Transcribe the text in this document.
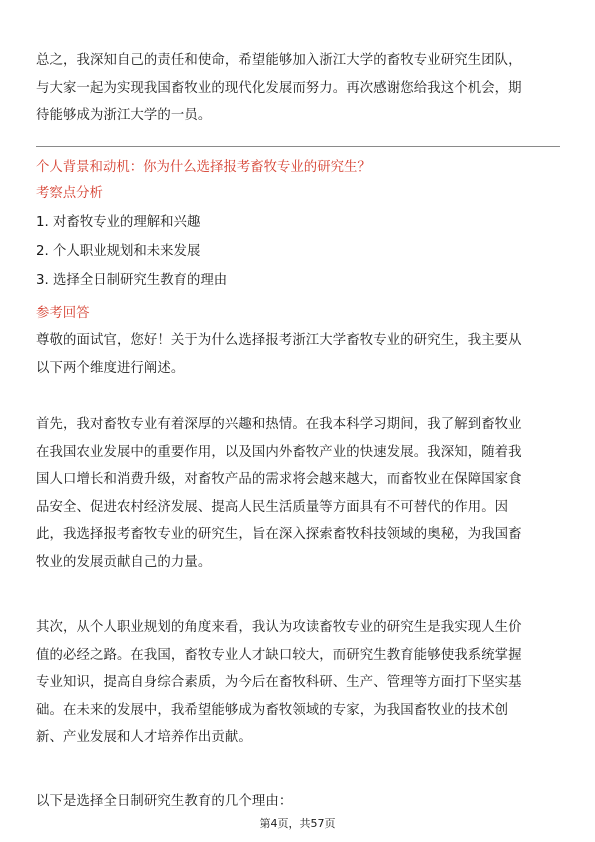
总之，我深知自己的责任和使命，希望能够加入浙江大学的畜牧专业研究生团队，
与大家一起为实现我国畜牧业的现代化发展而努力。再次感谢您给我这个机会，期
待能够成为浙江大学的一员。

个人背景和动机：你为什么选择报考畜牧专业的研究生？
考察点分析
1. 对畜牧专业的理解和兴趣
2. 个人职业规划和未来发展
3. 选择全日制研究生教育的理由
参考回答

尊敬的面试官，您好！关于为什么选择报考浙江大学畜牧专业的研究生，我主要从
以下两个维度进行阐述。

首先，我对畜牧专业有着深厚的兴趣和热情。在我本科学习期间，我了解到畜牧业
在我国农业发展中的重要作用，以及国内外畜牧产业的快速发展。我深知，随着我
国人口增长和消费升级，对畜牧产品的需求将会越来越大，而畜牧业在保障国家食
品安全、促进农村经济发展、提高人民生活质量等方面具有不可替代的作用。因
此，我选择报考畜牧专业的研究生，旨在深入探索畜牧科技领域的奥秘，为我国畜
牧业的发展贡献自己的力量。

其次，从个人职业规划的角度来看，我认为攻读畜牧专业的研究生是我实现人生价
值的必经之路。在我国，畜牧专业人才缺口较大，而研究生教育能够使我系统掌握
专业知识，提高自身综合素质，为今后在畜牧科研、生产、管理等方面打下坚实基
础。在未来的发展中，我希望能够成为畜牧领域的专家，为我国畜牧业的技术创
新、产业发展和人才培养作出贡献。

以下是选择全日制研究生教育的几个理由：

第4页，共57页
